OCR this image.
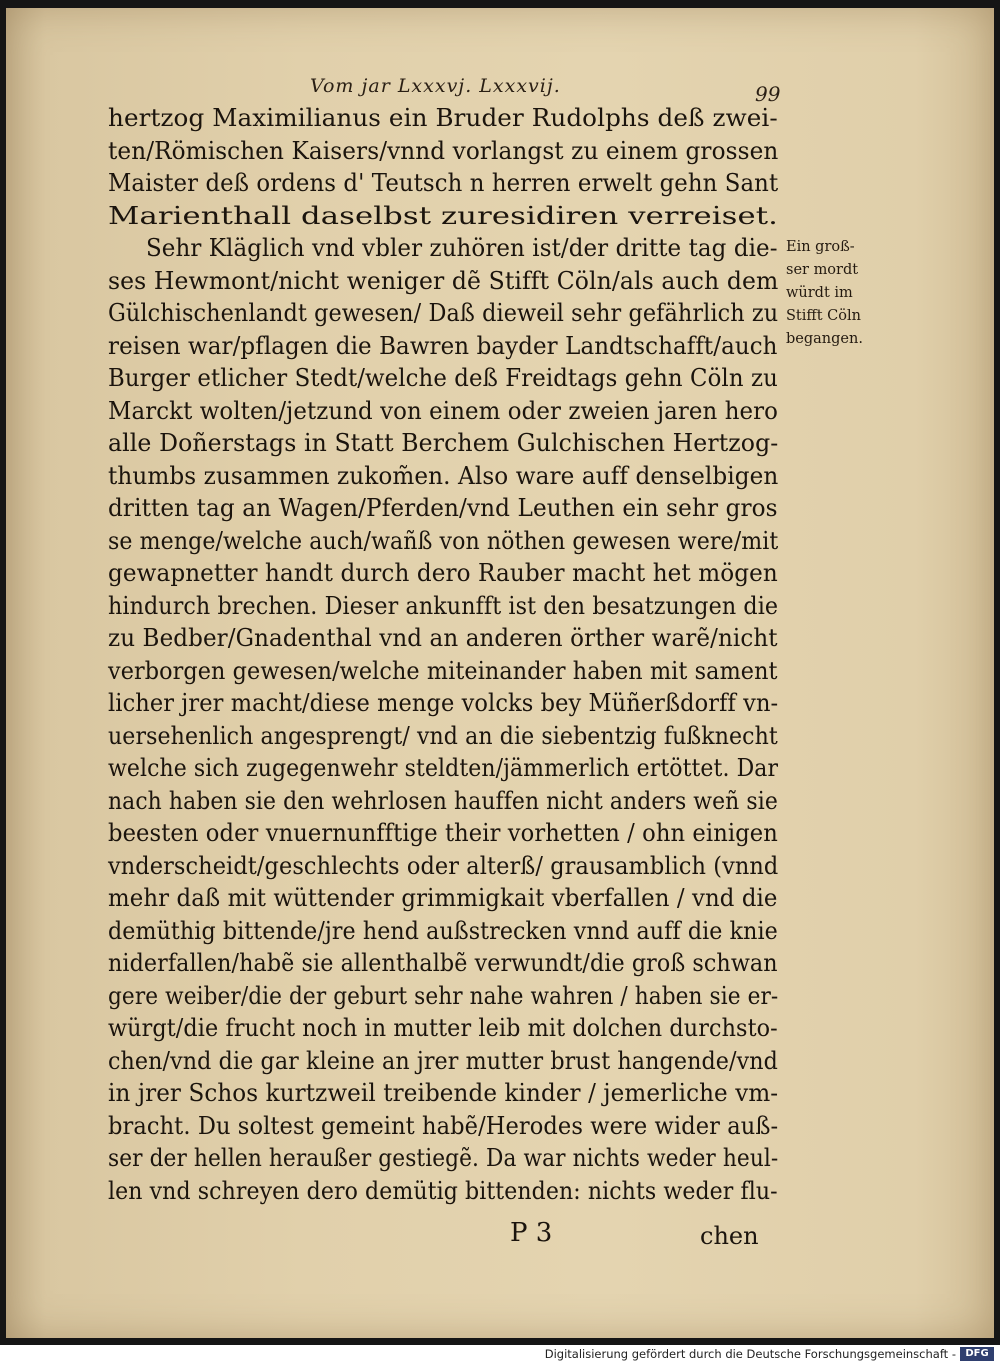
Vom jar Lxxxvj. Lxxxvij.	99
hertzog Maximilianus ein Bruder Rudolphs deß zwei-
ten/Römischen Kaisers/vnnd vorlangst zu einem grossen
Maister deß ordens d' Teutsch n herren erwelt gehn Sant
Marienthall daselbst zuresidiren verreiset.
Sehr Kläglich vnd vbler zuhören ist/der dritte tag die-
ses Hewmont/nicht weniger dẽ Stifft Cöln/als auch dem
Gülchischenlandt gewesen/ Daß dieweil sehr gefährlich zu
reisen war/pflagen die Bawren bayder Landtschafft/auch
Burger etlicher Stedt/welche deß Freidtags gehn Cöln zu
Marckt wolten/jetzund von einem oder zweien jaren hero
alle Doñerstags in Statt Berchem Gulchischen Hertzog-
thumbs zusammen zukom̃en. Also ware auff denselbigen
dritten tag an Wagen/Pferden/vnd Leuthen ein sehr gros
se menge/welche auch/wañß von nöthen gewesen were/mit
gewapnetter handt durch dero Rauber macht het mögen
hindurch brechen. Dieser ankunfft ist den besatzungen die
zu Bedber/Gnadenthal vnd an anderen örther warẽ/nicht
verborgen gewesen/welche miteinander haben mit sament
licher jrer macht/diese menge volcks bey Müñerßdorff vn-
uersehenlich angesprengt/ vnd an die siebentzig fußknecht
welche sich zugegenwehr steldten/jämmerlich ertöttet. Dar
nach haben sie den wehrlosen hauffen nicht anders weñ sie
beesten oder vnuernunfftige their vorhetten / ohn einigen
vnderscheidt/geschlechts oder alterß/ grausamblich (vnnd
mehr daß mit wüttender grimmigkait vberfallen / vnd die
demüthig bittende/jre hend außstrecken vnnd auff die knie
niderfallen/habẽ sie allenthalbẽ verwundt/die groß schwan
gere weiber/die der geburt sehr nahe wahren / haben sie er-
würgt/die frucht noch in mutter leib mit dolchen durchsto-
chen/vnd die gar kleine an jrer mutter brust hangende/vnd
in jrer Schos kurtzweil treibende kinder / jemerliche vm-
bracht. Du soltest gemeint habẽ/Herodes were wider auß-
ser der hellen heraußer gestiegẽ. Da war nichts weder heul-
len vnd schreyen dero demütig bittenden: nichts weder flu-
Ein groß-
ser mordt
würdt im
Stifft Cöln
begangen.
P 3	chen
Digitalisierung gefördert durch die Deutsche Forschungsgemeinschaft - DFG
